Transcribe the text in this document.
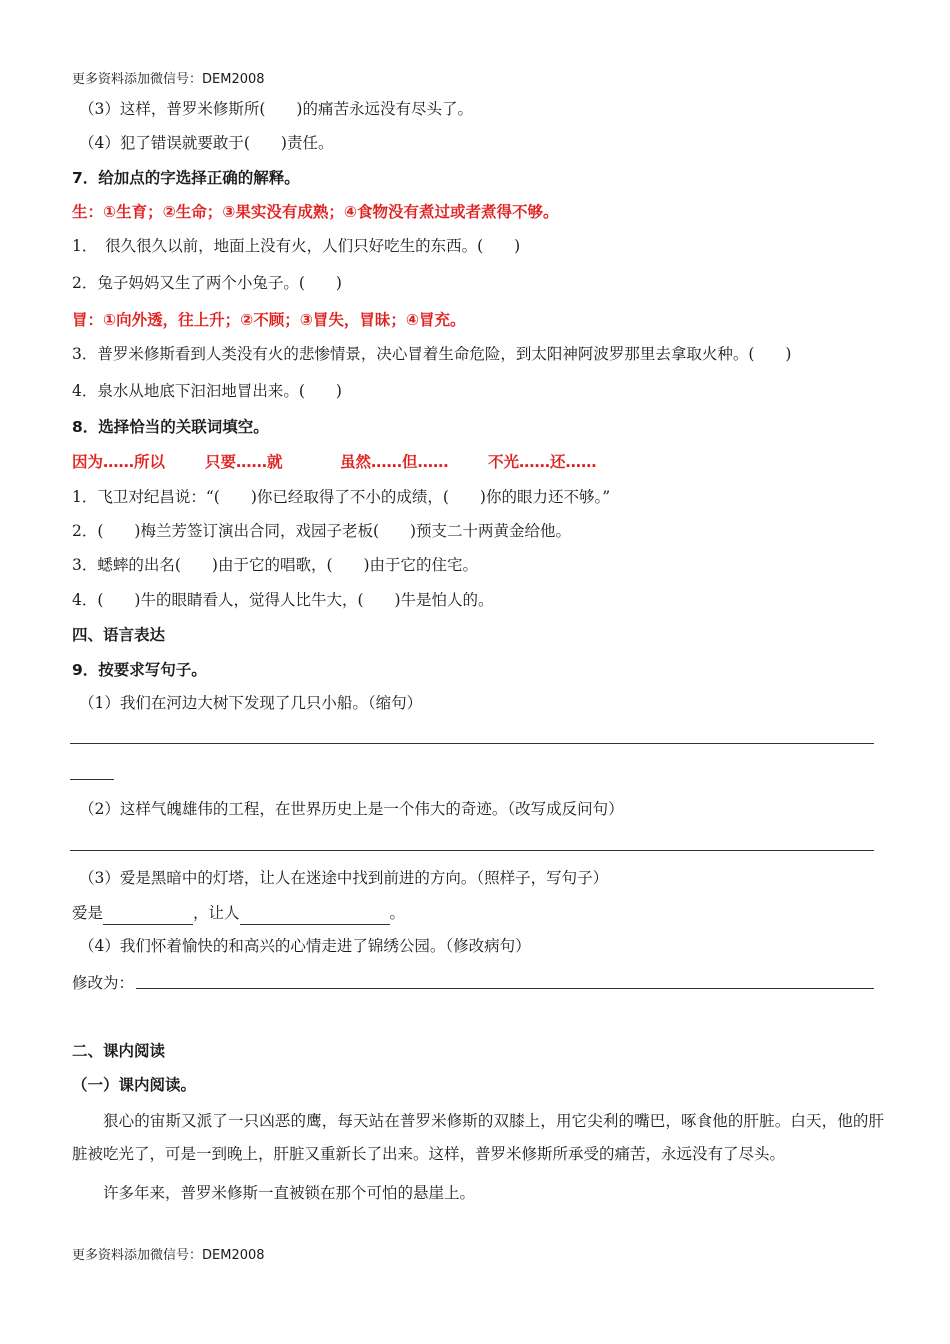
更多资料添加微信号：DEM2008
（3）这样，普罗米修斯所(　　)的痛苦永远没有尽头了。
（4）犯了错误就要敢于(　　)责任。
7．给加点的字选择正确的解释。
生：①生育；②生命；③果实没有成熟；④食物没有煮过或者煮得不够。
1．　很久很久以前，地面上没有火，人们只好吃生的东西。(　　)
2．兔子妈妈又生了两个小兔子。(　　)
冒：①向外透，往上升；②不顾；③冒失，冒昧；④冒充。
3．普罗米修斯看到人类没有火的悲惨情景，决心冒着生命危险，到太阳神阿波罗那里去拿取火种。(　　)
4．泉水从地底下汩汩地冒出来。(　　)
8．选择恰当的关联词填空。
因为……所以	只要……就	虽然……但……	不光……还……
1．飞卫对纪昌说：“(　　)你已经取得了不小的成绩，(　　)你的眼力还不够。”
2．(　　)梅兰芳签订演出合同，戏园子老板(　　)预支二十两黄金给他。
3．蟋蟀的出名(　　)由于它的唱歌，(　　)由于它的住宅。
4．(　　)牛的眼睛看人，觉得人比牛大，(　　)牛是怕人的。
四、语言表达
9．按要求写句子。
（1）我们在河边大树下发现了几只小船。（缩句）
（2）这样气魄雄伟的工程，在世界历史上是一个伟大的奇迹。（改写成反问句）
（3）爱是黑暗中的灯塔，让人在迷途中找到前进的方向。（照样子，写句子）
爱是	，让人	。
（4）我们怀着愉快的和高兴的心情走进了锦绣公园。（修改病句）
修改为：
二、课内阅读
（一）课内阅读。
狠心的宙斯又派了一只凶恶的鹰，每天站在普罗米修斯的双膝上，用它尖利的嘴巴，啄食他的肝脏。白天，他的肝脏被吃光了，可是一到晚上，肝脏又重新长了出来。这样，普罗米修斯所承受的痛苦，永远没有了尽头。
许多年来，普罗米修斯一直被锁在那个可怕的悬崖上。
更多资料添加微信号：DEM2008
